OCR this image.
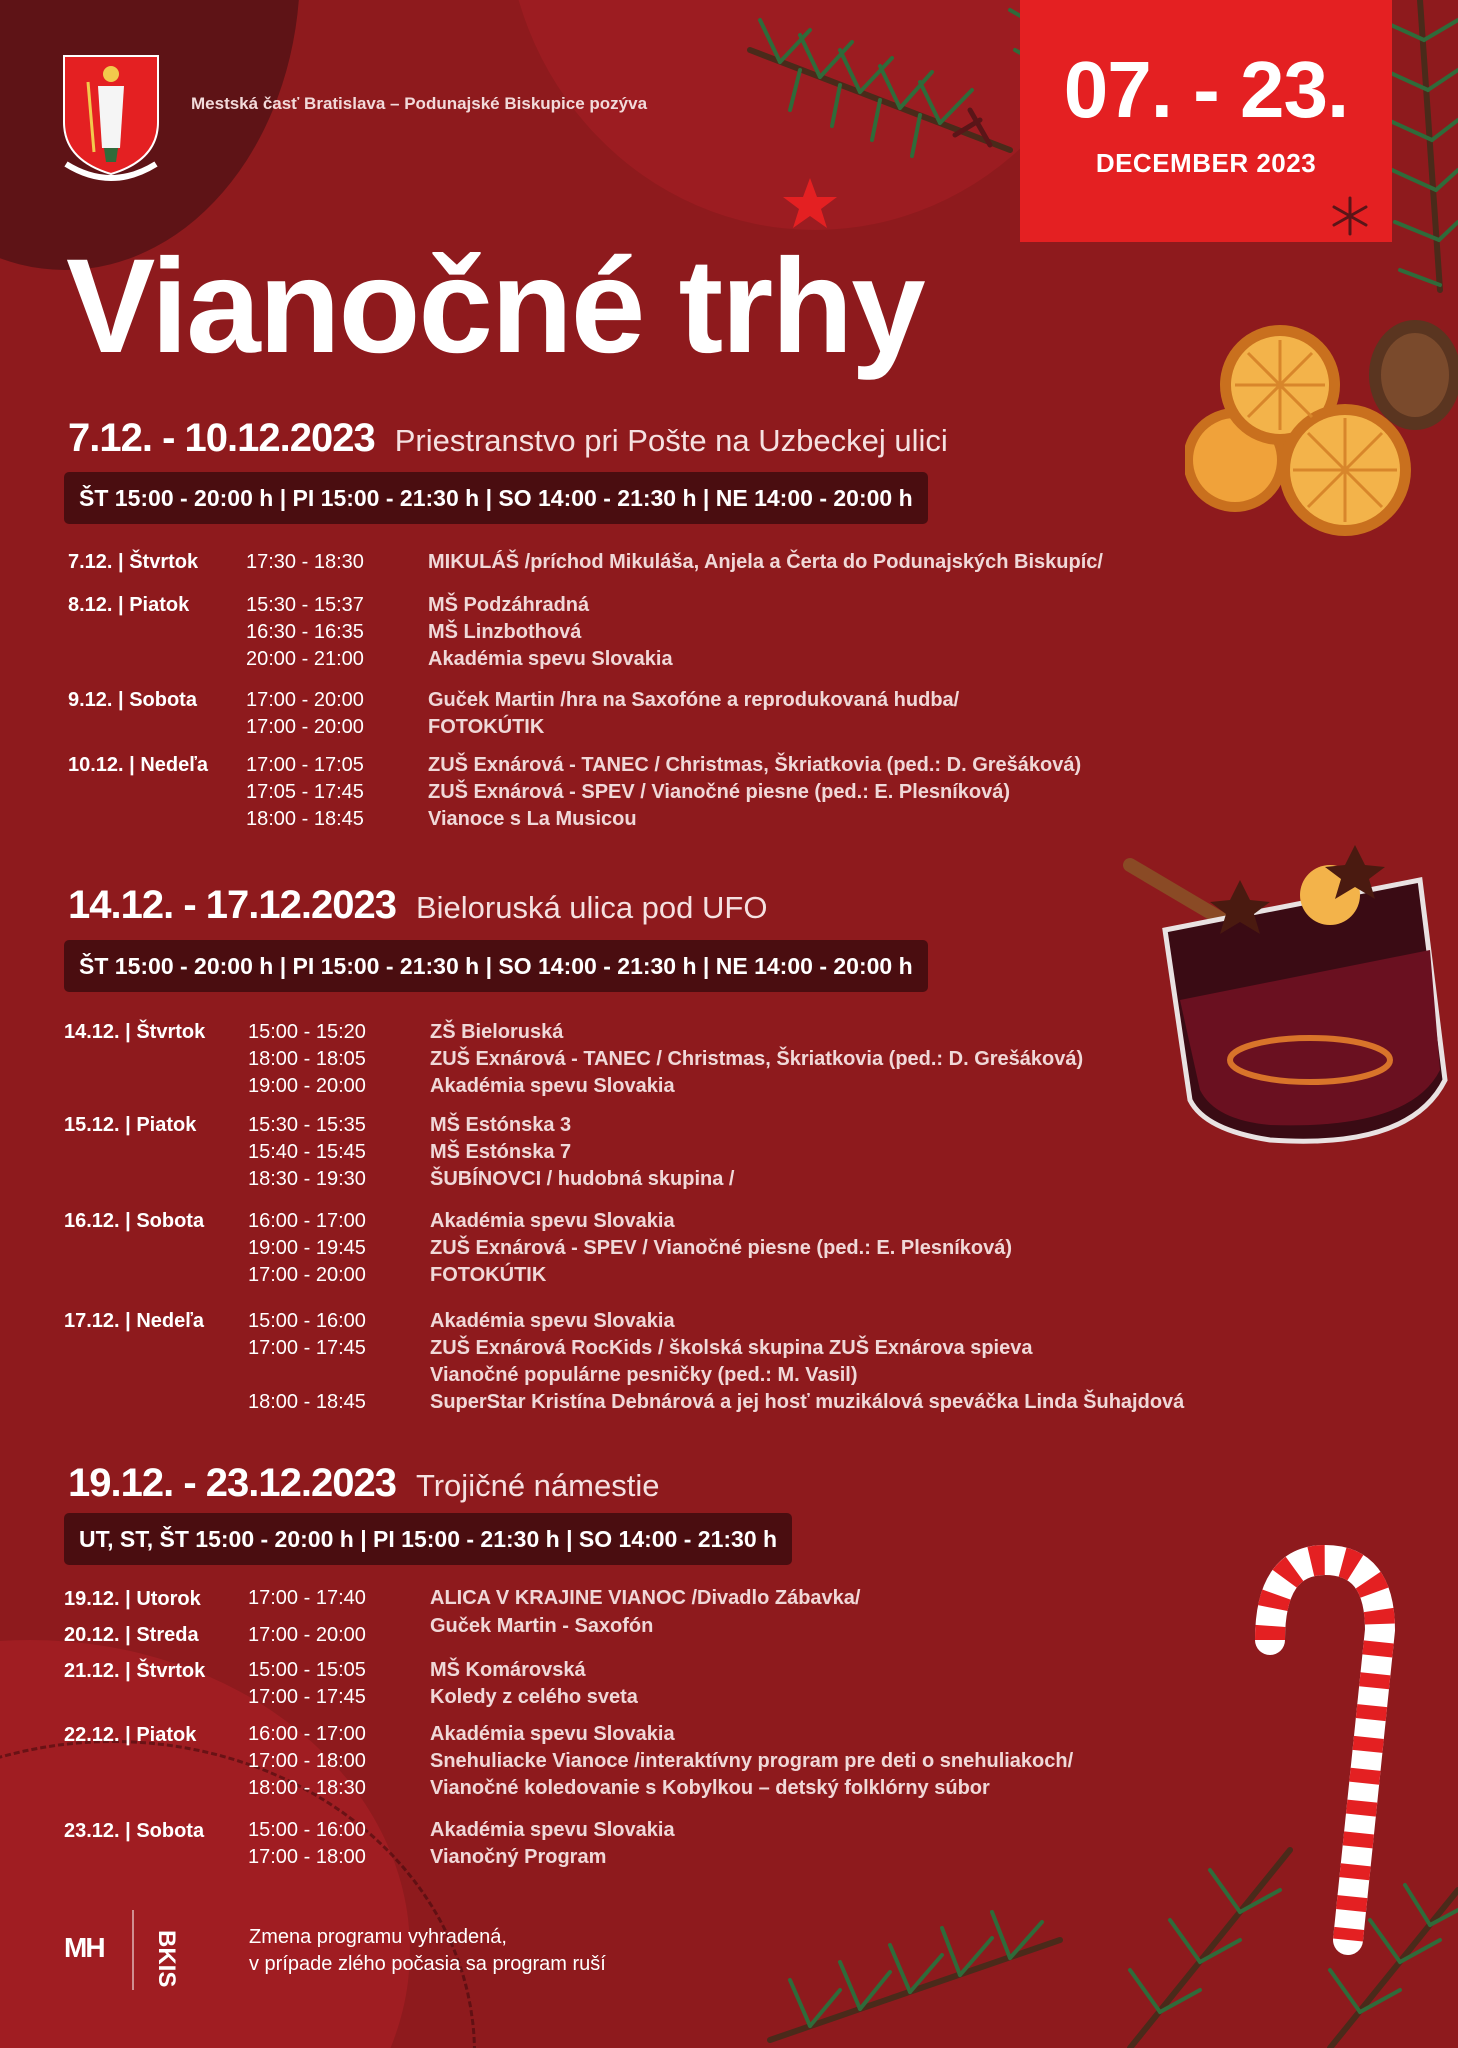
Mestská časť Bratislava – Podunajské Biskupice pozýva	07. - 23.
DECEMBER 2023
Vianočné trhy
7.12. - 10.12.2023 Priestranstvo pri Pošte na Uzbeckej ulici
ŠT 15:00 - 20:00 h | PI 15:00 - 21:30 h | SO 14:00 - 21:30 h | NE 14:00 - 20:00 h
7.12. | Štvrtok 17:30 - 18:30	MIKULÁŠ /príchod Mikuláša, Anjela a Čerta do Podunajských Biskupíc/
8.12. | Piatok	15:30 - 15:37	MŠ Podzáhradná
16:30 - 16:35	MŠ Linzbothová
20:00 - 21:00	Akadémia spevu Slovakia
9.12. | Sobota 17:00 - 20:00	Guček Martin /hra na Saxofóne a reprodukovaná hudba/
17:00 - 20:00	FOTOKÚTIK
10.12. | Nedeľa 17:00 - 17:05	ZUŠ Exnárová - TANEC / Christmas, Škriatkovia (ped.: D. Grešáková)
17:05 - 17:45	ZUŠ Exnárová - SPEV / Vianočné piesne (ped.: E. Plesníková)
18:00 - 18:45	Vianoce s La Musicou
14.12. - 17.12.2023 Bieloruská ulica pod UFO
ŠT 15:00 - 20:00 h | PI 15:00 - 21:30 h | SO 14:00 - 21:30 h | NE 14:00 - 20:00 h
14.12. | Štvrtok 15:00 - 15:20	ZŠ Bieloruská
18:00 - 18:05	ZUŠ Exnárová - TANEC / Christmas, Škriatkovia (ped.: D. Grešáková)
19:00 - 20:00	Akadémia spevu Slovakia
15.12. | Piatok	15:30 - 15:35	MŠ Estónska 3
15:40 - 15:45	MŠ Estónska 7
18:30 - 19:30	ŠUBÍNOVCI / hudobná skupina /
16.12. | Sobota 16:00 - 17:00	Akadémia spevu Slovakia
19:00 - 19:45	ZUŠ Exnárová - SPEV / Vianočné piesne (ped.: E. Plesníková)
17:00 - 20:00	FOTOKÚTIK
17.12. | Nedeľa 15:00 - 16:00	Akadémia spevu Slovakia
17:00 - 17:45	ZUŠ Exnárová RocKids / školská skupina ZUŠ Exnárova spieva
Vianočné populárne pesničky (ped.: M. Vasil)
18:00 - 18:45	SuperStar Kristína Debnárová a jej hosť muzikálová speváčka Linda Šuhajdová
19.12. - 23.12.2023 Trojičné námestie
UT, ST, ŠT 15:00 - 20:00 h | PI 15:00 - 21:30 h | SO 14:00 - 21:30 h
19.12. | Utorok 17:00 - 17:40	ALICA V KRAJINE VIANOC /Divadlo Zábavka/
20.12. | Streda 17:00 - 20:00	Guček Martin - Saxofón
21.12. | Štvrtok 15:00 - 15:05	MŠ Komárovská
17:00 - 17:45	Koledy z celého sveta
22.12. | Piatok	16:00 - 17:00	Akadémia spevu Slovakia
17:00 - 18:00	Snehuliacke Vianoce /interaktívny program pre deti o snehuliakoch/
18:00 - 18:30	Vianočné koledovanie s Kobylkou – detský folklórny súbor
23.12. | Sobota 15:00 - 16:00	Akadémia spevu Slovakia
17:00 - 18:00	Vianočný Program
MH BKIS	Zmena programu vyhradená,
v prípade zlého počasia sa program ruší
